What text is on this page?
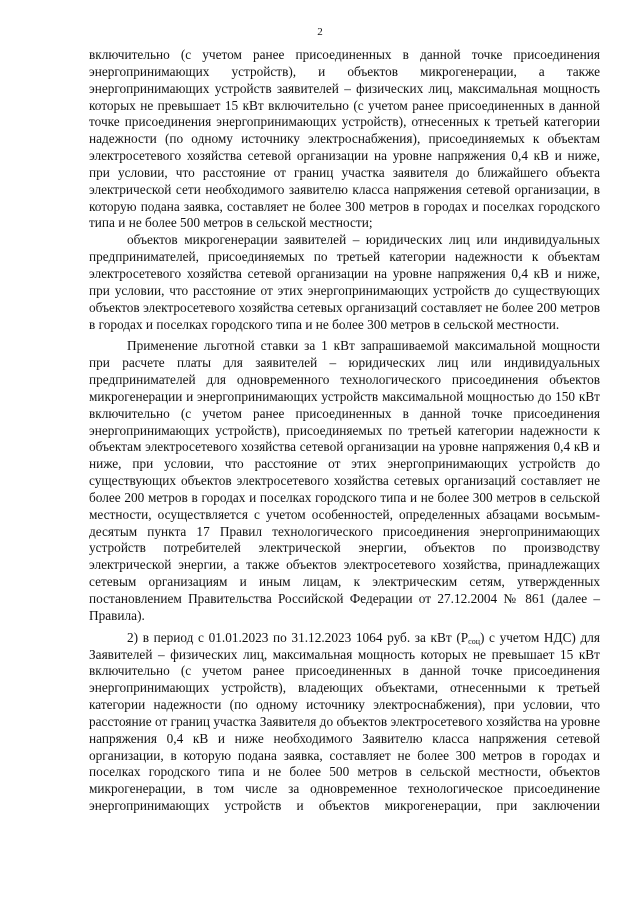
2

включительно (с учетом ранее присоединенных в данной точке присоединения энергопринимающих устройств), и объектов микрогенерации, а также энергопринимающих устройств заявителей – физических лиц, максимальная мощность которых не превышает 15 кВт включительно (с учетом ранее присоединенных в данной точке присоединения энергопринимающих устройств), отнесенных к третьей категории надежности (по одному источнику электроснабжения), присоединяемых к объектам электросетевого хозяйства сетевой организации на уровне напряжения 0,4 кВ и ниже, при условии, что расстояние от границ участка заявителя до ближайшего объекта электрической сети необходимого заявителю класса напряжения сетевой организации, в которую подана заявка, составляет не более 300 метров в городах и поселках городского типа и не более 500 метров в сельской местности;

объектов микрогенерации заявителей – юридических лиц или индивидуальных предпринимателей, присоединяемых по третьей категории надежности к объектам электросетевого хозяйства сетевой организации на уровне напряжения 0,4 кВ и ниже, при условии, что расстояние от этих энергопринимающих устройств до существующих объектов электросетевого хозяйства сетевых организаций составляет не более 200 метров в городах и поселках городского типа и не более 300 метров в сельской местности.

Применение льготной ставки за 1 кВт запрашиваемой максимальной мощности при расчете платы для заявителей – юридических лиц или индивидуальных предпринимателей для одновременного технологического присоединения объектов микрогенерации и энергопринимающих устройств максимальной мощностью до 150 кВт включительно (с учетом ранее присоединенных в данной точке присоединения энергопринимающих устройств), присоединяемых по третьей категории надежности к объектам электросетевого хозяйства сетевой организации на уровне напряжения 0,4 кВ и ниже, при условии, что расстояние от этих энергопринимающих устройств до существующих объектов электросетевого хозяйства сетевых организаций составляет не более 200 метров в городах и поселках городского типа и не более 300 метров в сельской местности, осуществляется с учетом особенностей, определенных абзацами восьмым-десятым пункта 17 Правил технологического присоединения энергопринимающих устройств потребителей электрической энергии, объектов по производству электрической энергии, а также объектов электросетевого хозяйства, принадлежащих сетевым организациям и иным лицам, к электрическим сетям, утвержденных постановлением Правительства Российской Федерации от 27.12.2004 № 861 (далее – Правила).

2) в период с 01.01.2023 по 31.12.2023 1064 руб. за кВт $(Р_{соц})$ с учетом НДС) для Заявителей – физических лиц, максимальная мощность которых не превышает 15 кВт включительно (с учетом ранее присоединенных в данной точке присоединения энергопринимающих устройств), владеющих объектами, отнесенными к третьей категории надежности (по одному источнику электроснабжения), при условии, что расстояние от границ участка Заявителя до объектов электросетевого хозяйства на уровне напряжения 0,4 кВ и ниже необходимого Заявителю класса напряжения сетевой организации, в которую подана заявка, составляет не более 300 метров в городах и поселках городского типа и не более 500 метров в сельской местности, объектов микрогенерации, в том числе за одновременное технологическое присоединение энергопринимающих устройств и объектов микрогенерации, при заключении
